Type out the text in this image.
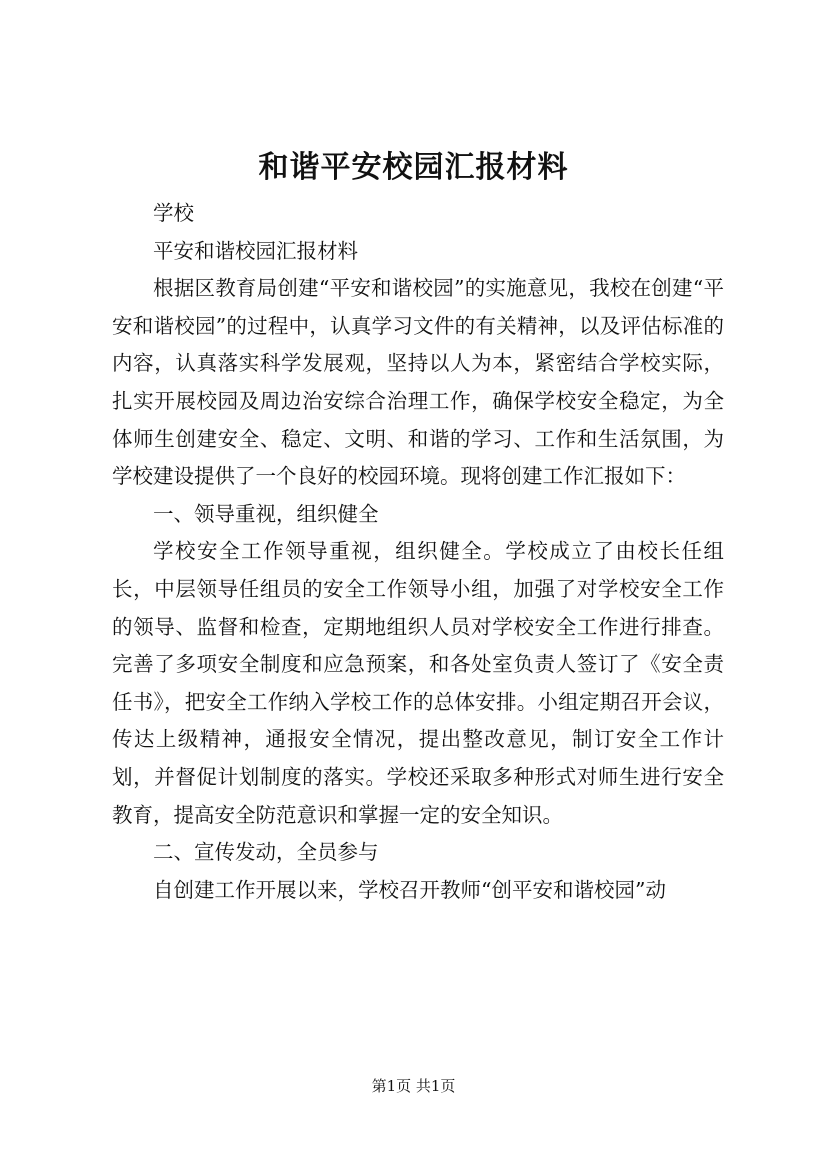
和谐平安校园汇报材料

学校

平安和谐校园汇报材料

根据区教育局创建“平安和谐校园”的实施意见，我校在创建“平安和谐校园”的过程中，认真学习文件的有关精神，以及评估标准的内容，认真落实科学发展观，坚持以人为本，紧密结合学校实际，扎实开展校园及周边治安综合治理工作，确保学校安全稳定，为全体师生创建安全、稳定、文明、和谐的学习、工作和生活氛围，为学校建设提供了一个良好的校园环境。现将创建工作汇报如下：

一、领导重视，组织健全

学校安全工作领导重视，组织健全。学校成立了由校长任组长，中层领导任组员的安全工作领导小组，加强了对学校安全工作的领导、监督和检查，定期地组织人员对学校安全工作进行排查。完善了多项安全制度和应急预案，和各处室负责人签订了《安全责任书》，把安全工作纳入学校工作的总体安排。小组定期召开会议，传达上级精神，通报安全情况，提出整改意见，制订安全工作计划，并督促计划制度的落实。学校还采取多种形式对师生进行安全教育，提高安全防范意识和掌握一定的安全知识。

二、宣传发动，全员参与

自创建工作开展以来，学校召开教师“创平安和谐校园”动

第1页 共1页
